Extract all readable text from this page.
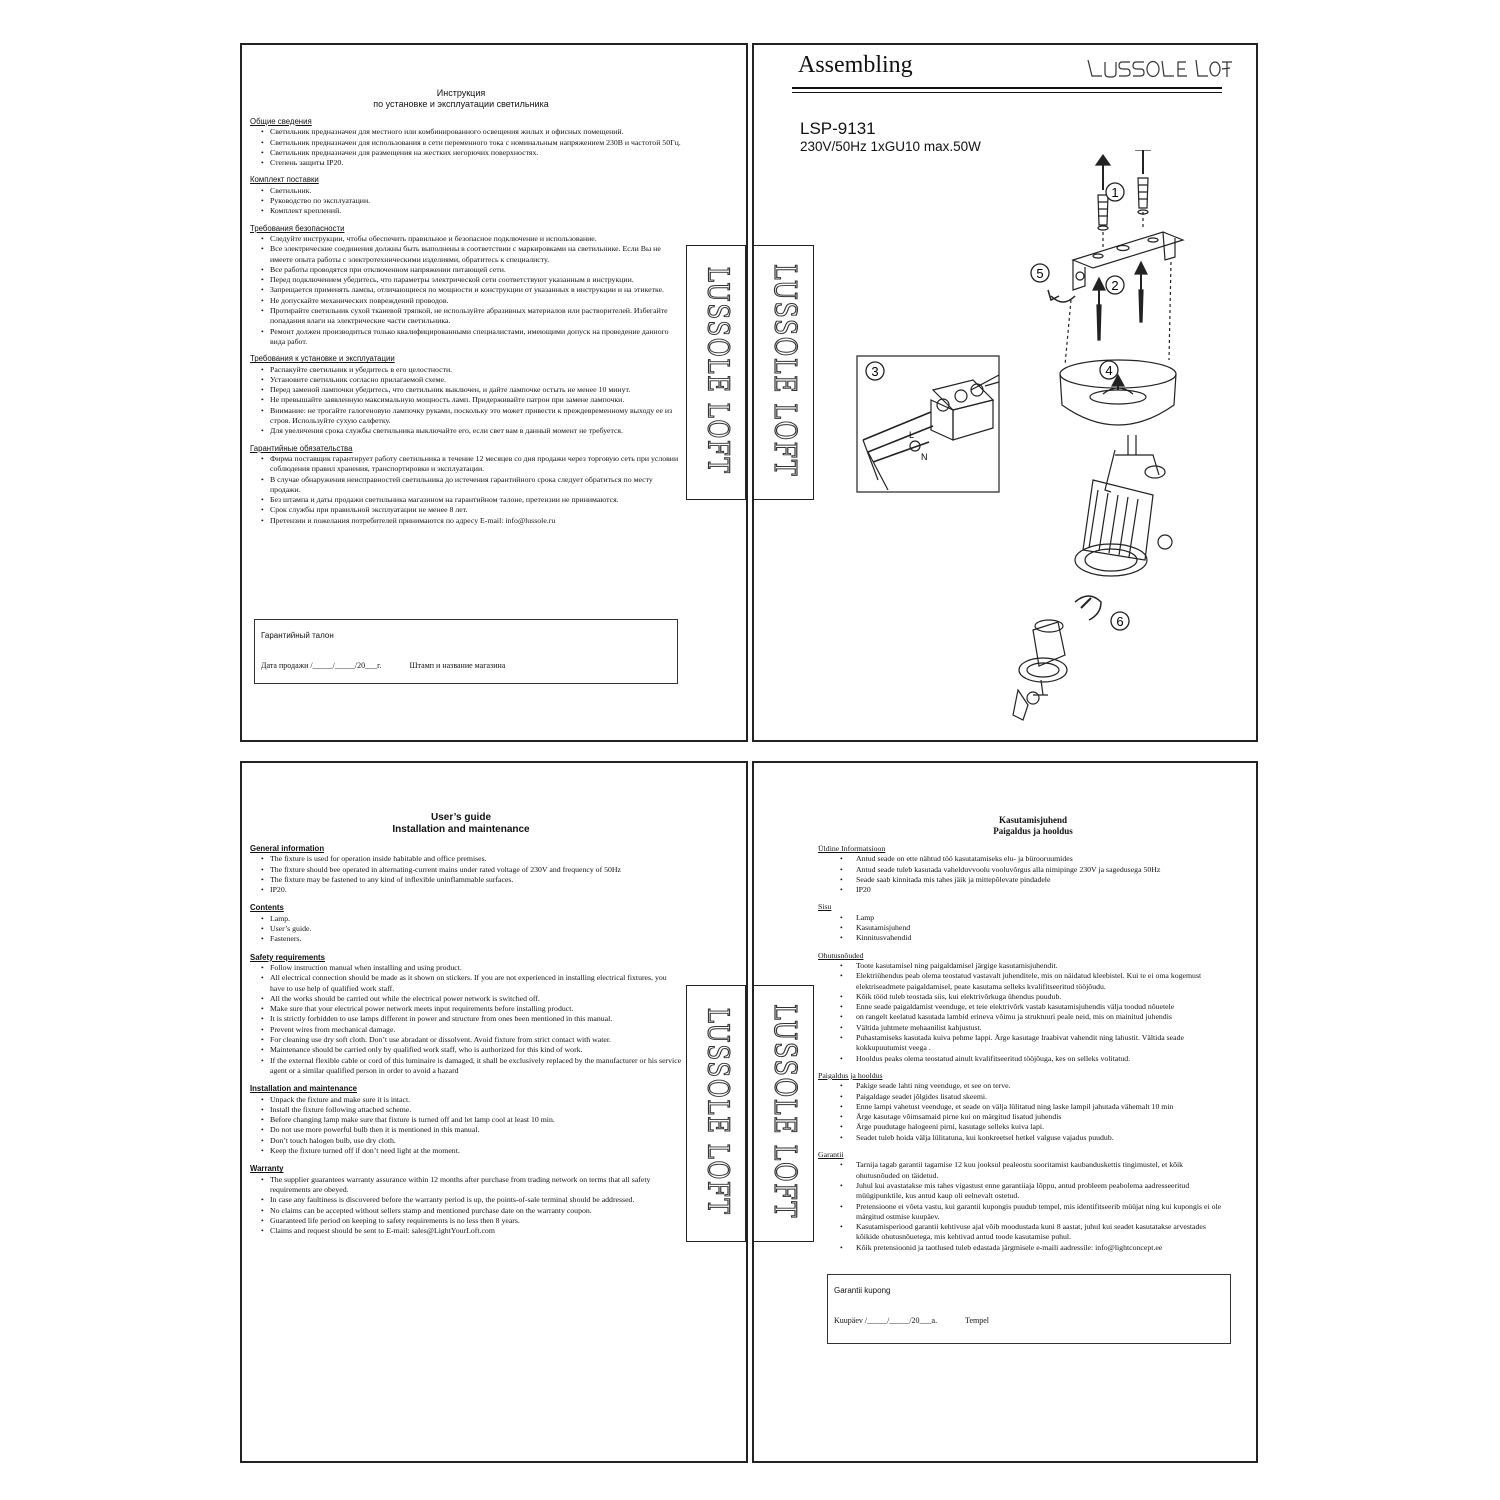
Инструкция
по установке и эксплуатации светильника
Общие сведения
• Светильник предназначен для местного или комбинированного освещения жилых и офисных помещений.
• Светильник предназначен для использования в сети переменного тока с номинальным напряжением 230В и частотой 50Гц.
• Светильник предназначен для размещения на жестких негорючих поверхностях.
• Степень защиты IP20.
Комплект поставки
• Светильник.
• Руководство по эксплуатации.
• Комплект креплений.
Требования безопасности
• Следуйте инструкции, чтобы обеспечить правильное и безопасное подключение и использование.
• Все электрические соединения должны быть выполнены в соответствии с маркировками на светильнике. Если Вы не имеете опыта работы с электротехническими изделиями, обратитесь к специалисту.
• Все работы проводятся при отключенном напряжении питающей сети.
• Перед подключением убедитесь, что параметры электрической сети соответствуют указанным в инструкции.
• Запрещается применять лампы, отличающиеся по мощности и конструкции от указанных в инструкции и на этикетке.
• Не допускайте механических повреждений проводов.
• Протирайте светильник сухой тканевой тряпкой, не используйте абразивных материалов или растворителей. Избегайте попадания влаги на электрические части светильника.
• Ремонт должен производиться только квалифицированными специалистами, имеющими допуск на проведение данного вида работ.
Требования к установке и эксплуатации
• Распакуйте светильник и убедитесь в его целостности.
• Установите светильник согласно прилагаемой схеме.
• Перед заменой лампочки убедитесь, что светильник выключен, и дайте лампочке остыть не менее 10 минут.
• Не превышайте заявленную максимальную мощность ламп. Придерживайте патрон при замене лампочки.
• Внимание: не трогайте галогеновую лампочку руками, поскольку это может привести к преждевременному выходу ее из строя. Используйте сухую салфетку.
• Для увеличения срока службы светильника выключайте его, если свет вам в данный момент не требуется.
Гарантийные обязательства
• Фирма поставщик гарантирует работу светильника в течение 12 месяцев со дня продажи через торговую сеть при условии соблюдения правил хранения, транспортировки и эксплуатации.
• В случае обнаружения неисправностей светильника до истечения гарантийного срока следует обратиться по месту продажи.
• Без штампа и даты продажи светильника магазином на гарантийном талоне, претензии не принимаются.
• Срок службы при правильной эксплуатации не менее 8 лет.
• Претензии и пожелания потребителей принимаются по адресу E-mail: info@lussole.ru
Гарантийный талон
Дата продажи /_____/_____/20___г.	Штамп и название магазина
Assembling
LSP-9131
230V/50Hz 1xGU10 max.50W
L
N
1
2
3	4
5
6
LUSSOLE LOFT LUSSOLE LOFT
LUSSOLE LOFT LUSSOLE LOFT
User’s guide
Installation and maintenance
General information
• The fixture is used for operation inside habitable and office premises.
• The fixture should bee operated in alternating-current mains under rated voltage of 230V and frequency of 50Hz
• The fixture may be fastened to any kind of inflexible uninflammable surfaces.
• IP20.
Contents
• Lamp.
• User’s guide.
• Fasteners.
Safety requirements
• Follow instruction manual when installing and using product.
• All electrical connection should be made as it shown on stickers. If you are not experienced in installing electrical fixtures, you have to use help of qualified work staff.
• All the works should be carried out while the electrical power network is switched off.
• Make sure that your electrical power network meets input requirements before installing product.
• It is strictly forbidden to use lamps different in power and structure from ones been mentioned in this manual.
• Prevent wires from mechanical damage.
• For cleaning use dry soft cloth. Don’t use abradant or dissolvent. Avoid fixture from strict contact with water.
• Maintenance should be carried only by qualified work staff, who is authorized for this kind of work.
• If the external flexible cable or cord of this luminaire is damaged, it shall be exclusively replaced by the manufacturer or his service agent or a similar qualified person in order to avoid a hazard
Installation and maintenance
• Unpack the fixture and make sure it is intact.
• Install the fixture following attached scheme.
• Before changing lamp make sure that fixture is turned off and let lamp cool at least 10 min.
• Do not use more powerful bulb then it is mentioned in this manual.
• Don’t touch halogen bulb, use dry cloth.
• Keep the fixture turned off if don’t need light at the moment.
Warranty
• The supplier guarantees warranty assurance within 12 months after purchase from trading network on terms that all safety requirements are obeyed.
• In case any faultiness is discovered before the warranty period is up, the points-of-sale terminal should be addressed.
• No claims can be accepted without sellers stamp and mentioned purchase date on the warranty coupon.
• Guaranteed life period on keeping to safety requirements is no less then 8 years.
• Claims and request should be sent to E-mail: sales@LightYourLoft.com
Kasutamisjuhend
Paigaldus ja hooldus
Üldine Informatsioon
• Antud seade on ette nähtud töö kasutatamiseks elu- ja bürooruumides
• Antud seade tuleb kasutada vahelduvvoolu vooluvõrgus alla nimipinge 230V ja sagedusega 50Hz
• Seade saab kinnitada mis tahes jäik ja mittepõlevate pindadele
• IP20
Sisu
• Lamp
• Kasutamisjuhend
• Kinnitusvahendid
Ohutusnõuded
• Toote kasutamisel ning paigaldamisel järgige kasutamisjuhendit.
• Elektriühendus peab olema teostatud vastavalt juhenditele, mis on näidatud kleebistel. Kui te ei oma kogemust elektriseadmete paigaldamisel, peate kasutama selleks kvalifitseeritud tööjõudu.
• Kõik tööd tuleb teostada siis, kui elektrivõrkuga ühendus puudub.
• Enne seade paigaldamist veenduge, et teie elektrivõrk vastab kasutamisjuhendis välja toodud nõuetele
• on rangelt keelatud kasutada lambid erineva võimu ja struktuuri peale neid, mis on mainitud juhendis
• Vältida juhtmete mehaanilist kahjustust.
• Puhastamiseks kasutada kuiva pehme lappi. Ärge kasutage lraabivat vahendit ning lahustit. Vältida seade kokkupuutumist veega .
• Hooldus peaks olema teostatud ainult kvalifitseeritud tööjõuga, kes on selleks volitatud.
Paigaldus ja hooldus
• Pakige seade lahti ning veenduge, et see on terve.
• Paigaldage seadet jõlgides lisatud skeemi.
• Enne lampi vahetust veenduge, et seade on välja lülitatud ning laske lampil jahutada vähemalt 10 min
• Ärge kasutage võimsamaid pirne kui on märgitud lisatud juhendis
• Ärge puudutage halogeeni pirni, kasutage selleks kuiva lapi.
• Seadet tuleb hoida välja lülitatuna, kui konkreetsel hetkel valguse vajadus puudub.
Garantii
• Tarnija tagab garantii tagamise 12 kuu jooksul pealeostu sooritamist kaubanduskettis tingimustel, et kõik ohutusnõuded on täidetud.
• Juhul kui avastatakse mis tahes vigastust enne garantiiaja lõppu, antud probleem peabolema aadresseeritud müügipunktile, kus antud kaup oli eelnevalt ostetud.
• Pretensioone ei võeta vastu, kui garantii kupongis puudub tempel, mis identifitseerib müüjat ning kui kupongis ei ole märgitud ostmise kuupäev.
• Kasutamisperiood garantii kehtivuse ajal võib moodustada kuni 8 aastat, juhul kui seadet kasutatakse arvestades kõikide ohutusnõuetega, mis kehtivad antud toode kasutamise puhul.
• Kõik pretensioonid ja taotlused tuleb edastada järgmisele e-maili aadressile: info@lightconcept.ee
Garantii kupong
Kuupäev /_____/_____/20___a.	Tempel
